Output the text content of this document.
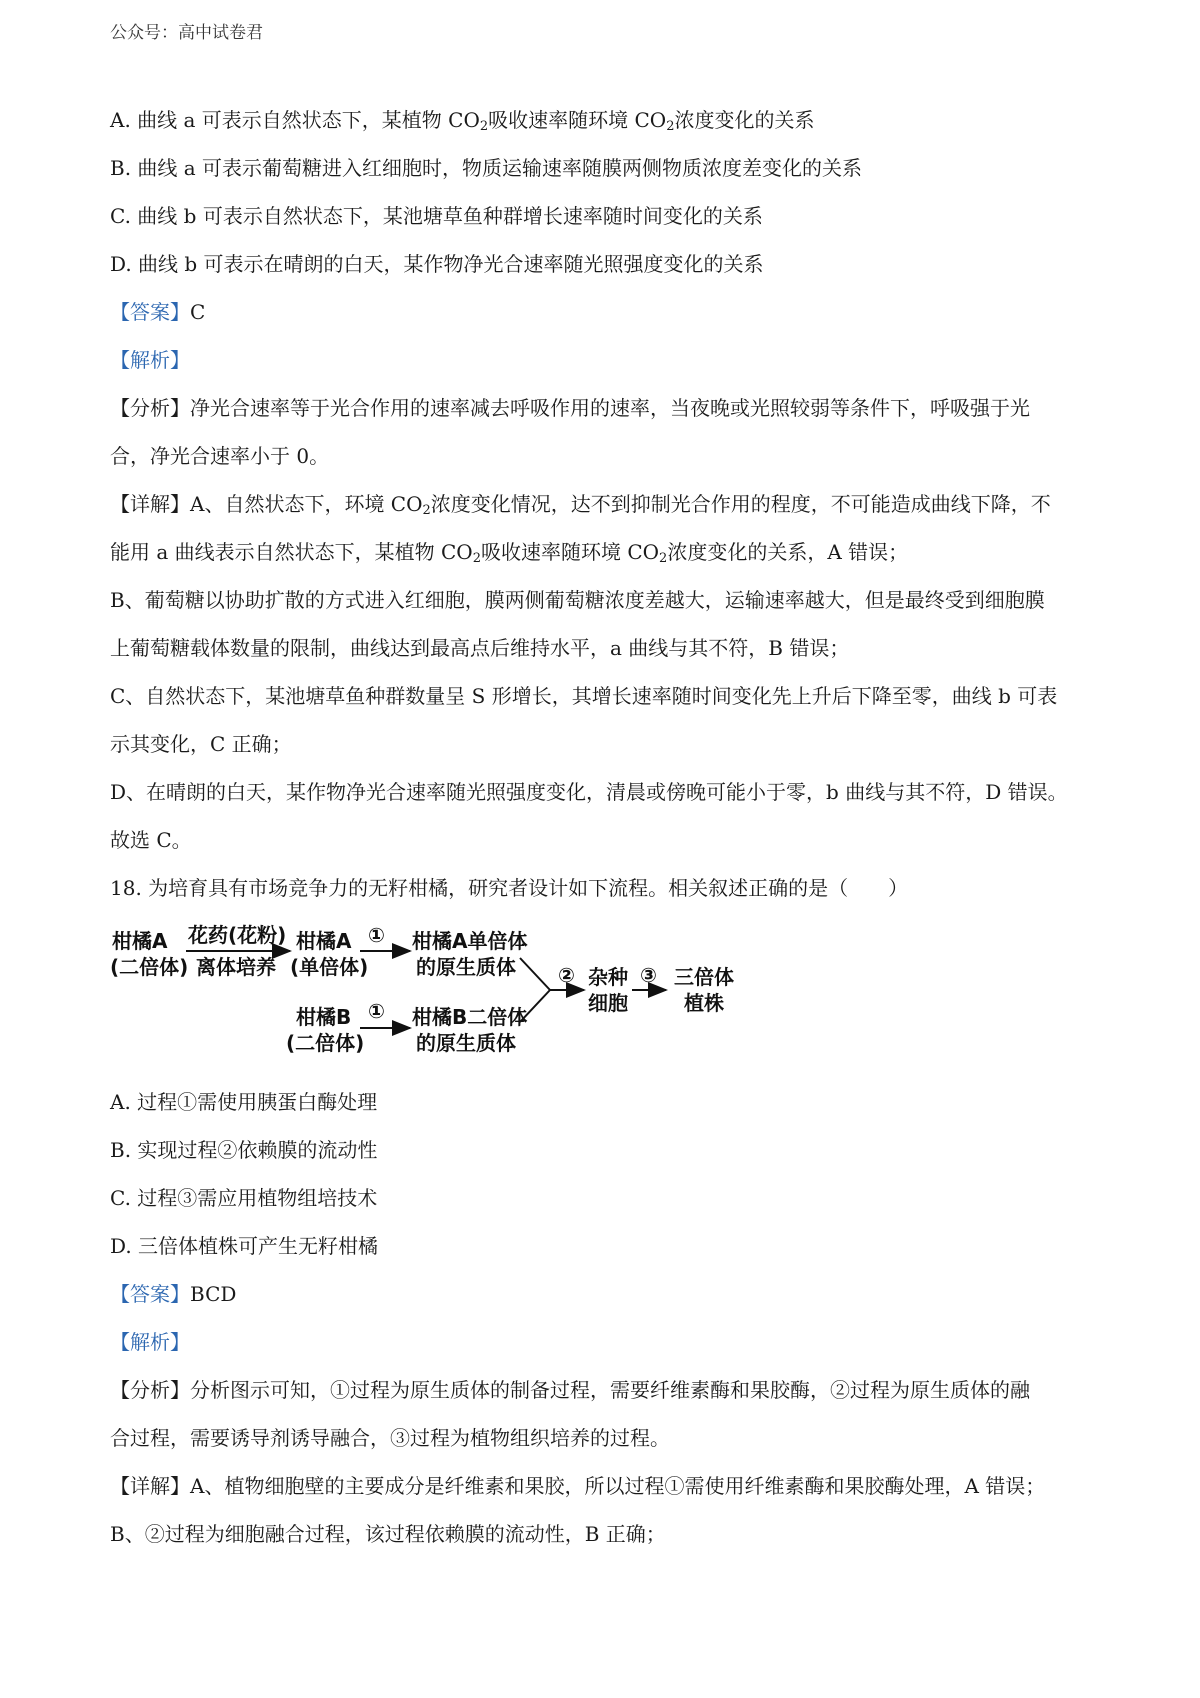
公众号：高中试卷君
A. 曲线 a 可表示自然状态下，某植物 $CO_2$吸收速率随环境 $CO_2$浓度变化的关系
B. 曲线 a 可表示葡萄糖进入红细胞时，物质运输速率随膜两侧物质浓度差变化的关系
C. 曲线 b 可表示自然状态下，某池塘草鱼种群增长速率随时间变化的关系
D. 曲线 b 可表示在晴朗的白天，某作物净光合速率随光照强度变化的关系
【答案】C
【解析】
【分析】净光合速率等于光合作用的速率减去呼吸作用的速率，当夜晚或光照较弱等条件下，呼吸强于光
合，净光合速率小于 0。
【详解】A、自然状态下，环境 $CO_2$浓度变化情况，达不到抑制光合作用的程度，不可能造成曲线下降，不
能用 a 曲线表示自然状态下，某植物 $CO_2$吸收速率随环境 $CO_2$浓度变化的关系，A 错误；
B、葡萄糖以协助扩散的方式进入红细胞，膜两侧葡萄糖浓度差越大，运输速率越大，但是最终受到细胞膜
上葡萄糖载体数量的限制，曲线达到最高点后维持水平，a 曲线与其不符，B 错误；
C、自然状态下，某池塘草鱼种群数量呈 S 形增长，其增长速率随时间变化先上升后下降至零，曲线 b 可表
示其变化，C 正确；
D、在晴朗的白天，某作物净光合速率随光照强度变化，清晨或傍晚可能小于零，b 曲线与其不符，D 错误。
故选 C。
18. 为培育具有市场竞争力的无籽柑橘，研究者设计如下流程。相关叙述正确的是（　　）
柑橘A
(二倍体)
花药(花粉)
离体培养
柑橘A
(单倍体)
① 柑橘A单倍体
的原生质体
柑橘B
(二倍体)
① 柑橘B二倍体
的原生质体
② 杂种
细胞
③ 三倍体
植株
A. 过程①需使用胰蛋白酶处理
B. 实现过程②依赖膜的流动性
C. 过程③需应用植物组培技术
D. 三倍体植株可产生无籽柑橘
【答案】BCD
【解析】
【分析】分析图示可知，①过程为原生质体的制备过程，需要纤维素酶和果胶酶，②过程为原生质体的融
合过程，需要诱导剂诱导融合，③过程为植物组织培养的过程。
【详解】A、植物细胞壁的主要成分是纤维素和果胶，所以过程①需使用纤维素酶和果胶酶处理，A 错误；
B、②过程为细胞融合过程，该过程依赖膜的流动性，B 正确；
